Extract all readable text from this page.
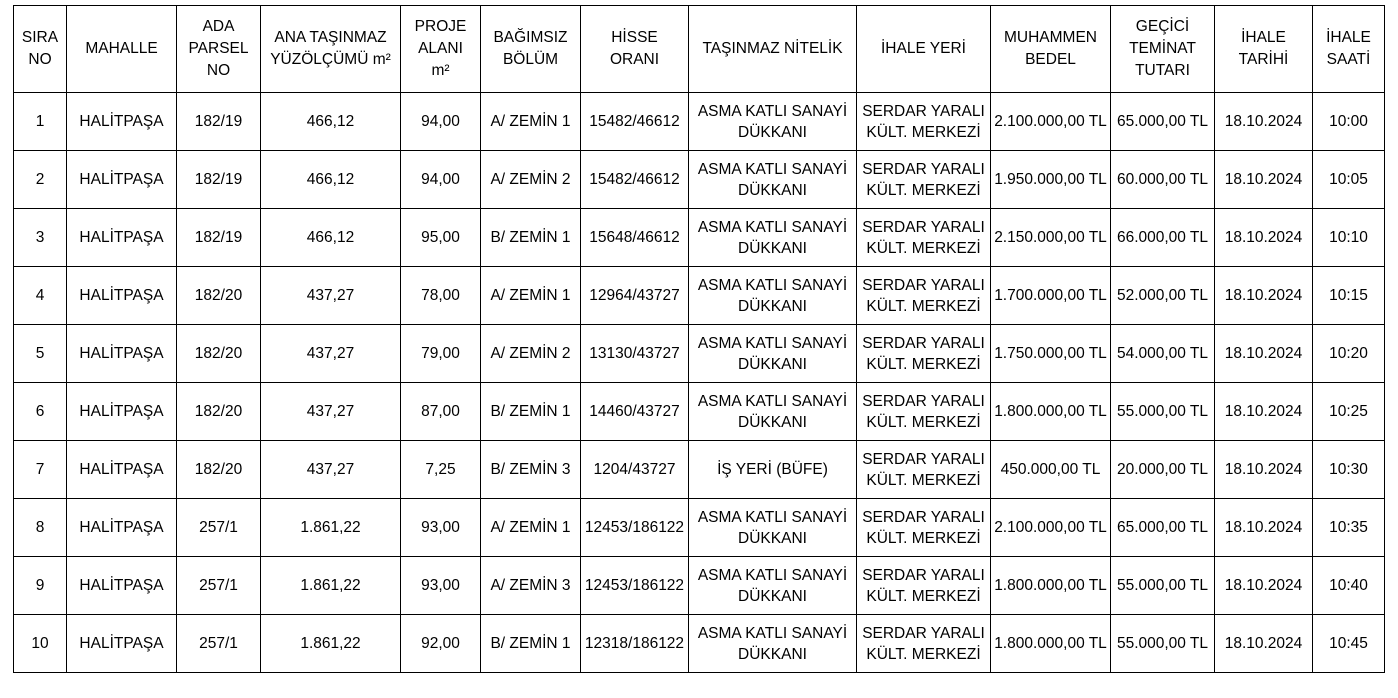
SIRA
NO	MAHALLE	ADA
PARSEL
NO	ANA TAŞINMAZ
YÜZÖLÇÜMÜ m²	PROJE
ALANI
m²	BAĞIMSIZ
BÖLÜM	HİSSE
ORANI	TAŞINMAZ NİTELİK	İHALE YERİ	MUHAMMEN
BEDEL	GEÇİCİ
TEMİNAT
TUTARI	İHALE
TARİHİ	İHALE
SAATİ
1	HALİTPAŞA	182/19	466,12	94,00	A/ ZEMİN 1	15482/46612	ASMA KATLI SANAYİ
DÜKKANI	SERDAR YARALI
KÜLT. MERKEZİ	2.100.000,00 TL	65.000,00 TL	18.10.2024	10:00
2	HALİTPAŞA	182/19	466,12	94,00	A/ ZEMİN 2	15482/46612	ASMA KATLI SANAYİ
DÜKKANI	SERDAR YARALI
KÜLT. MERKEZİ	1.950.000,00 TL	60.000,00 TL	18.10.2024	10:05
3	HALİTPAŞA	182/19	466,12	95,00	B/ ZEMİN 1	15648/46612	ASMA KATLI SANAYİ
DÜKKANI	SERDAR YARALI
KÜLT. MERKEZİ	2.150.000,00 TL	66.000,00 TL	18.10.2024	10:10
4	HALİTPAŞA	182/20	437,27	78,00	A/ ZEMİN 1	12964/43727	ASMA KATLI SANAYİ
DÜKKANI	SERDAR YARALI
KÜLT. MERKEZİ	1.700.000,00 TL	52.000,00 TL	18.10.2024	10:15
5	HALİTPAŞA	182/20	437,27	79,00	A/ ZEMİN 2	13130/43727	ASMA KATLI SANAYİ
DÜKKANI	SERDAR YARALI
KÜLT. MERKEZİ	1.750.000,00 TL	54.000,00 TL	18.10.2024	10:20
6	HALİTPAŞA	182/20	437,27	87,00	B/ ZEMİN 1	14460/43727	ASMA KATLI SANAYİ
DÜKKANI	SERDAR YARALI
KÜLT. MERKEZİ	1.800.000,00 TL	55.000,00 TL	18.10.2024	10:25
7	HALİTPAŞA	182/20	437,27	7,25	B/ ZEMİN 3	1204/43727	İŞ YERİ (BÜFE)	SERDAR YARALI
KÜLT. MERKEZİ	450.000,00 TL	20.000,00 TL	18.10.2024	10:30
8	HALİTPAŞA	257/1	1.861,22	93,00	A/ ZEMİN 1	12453/186122	ASMA KATLI SANAYİ
DÜKKANI	SERDAR YARALI
KÜLT. MERKEZİ	2.100.000,00 TL	65.000,00 TL	18.10.2024	10:35
9	HALİTPAŞA	257/1	1.861,22	93,00	A/ ZEMİN 3	12453/186122	ASMA KATLI SANAYİ
DÜKKANI	SERDAR YARALI
KÜLT. MERKEZİ	1.800.000,00 TL	55.000,00 TL	18.10.2024	10:40
10	HALİTPAŞA	257/1	1.861,22	92,00	B/ ZEMİN 1	12318/186122	ASMA KATLI SANAYİ
DÜKKANI	SERDAR YARALI
KÜLT. MERKEZİ	1.800.000,00 TL	55.000,00 TL	18.10.2024	10:45
